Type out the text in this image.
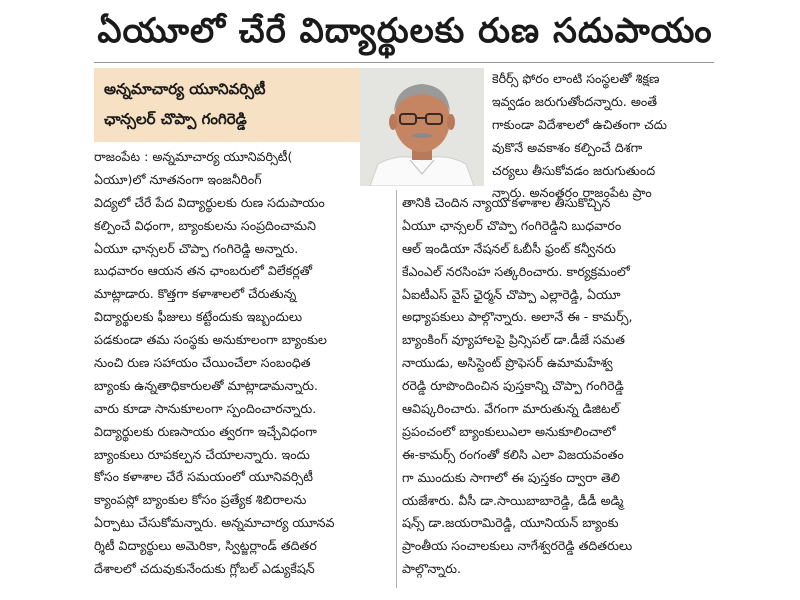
ఏయూలో చేరే విద్యార్థులకు రుణ సదుపాయం
అన్నమాచార్య యూనివర్సిటీ
ఛాన్సలర్ చొప్పా గంగిరెడ్డి
కెరీర్స్ ఫోరం లాంటి సంస్థలతో శిక్షణ
ఇవ్వడం జరుగుతోందన్నారు. అంతే
గాకుండా విదేశాలలో ఉచితంగా చదు
వుకొనే అవకాశం కల్పించే దిశగా
చర్యలు తీసుకోవడం జరుగుతుంద
న్నారు. అనంతరం రాజంపేట ప్రాం
రాజంపేట : అన్నమాచార్య యూనివర్సిటీ(
ఏయూ)లో నూతనంగా ఇంజనీరింగ్
విద్యలో చేరే పేద విద్యార్థులకు రుణ సదుపాయం
కల్పించే విధంగా, బ్యాంకులను సంప్రదించామని
ఏయూ ఛాన్సలర్ చొప్పా గంగిరెడ్డి అన్నారు.
బుధవారం ఆయన తన ఛాంబరులో విలేకర్లతో
మాట్లాడారు. కొత్తగా కళాశాలలో చేరుతున్న
విద్యార్థులకు ఫీజులు కట్టేందుకు ఇబ్బందులు
పడకుండా తమ సంస్థకు అనుకూలంగా బ్యాంకుల
నుంచి రుణ సహాయం చేయించేలా సంబంధిత
బ్యాంకు ఉన్నతాధికారులతో మాట్లాడామన్నారు.
వారు కూడా సానుకూలంగా స్పందించారన్నారు.
విద్యార్థులకు రుణసాయం త్వరగా ఇచ్చేవిధంగా
బ్యాంకులు రూపకల్పన చేయాలన్నారు. ఇందు
కోసం కళాశాల చేరే సమయంలో యూనివర్సిటీ
క్యాంపస్లో బ్యాంకుల కోసం ప్రత్యేక శిబిరాలను
ఏర్పాటు చేసుకోమన్నారు. అన్నమాచార్య యూనవ
ర్శిటీ విద్యార్థులు అమెరికా, స్విట్జర్లాండ్ తదితర
దేశాలలో చదువుకునేందుకు గ్లోబల్ ఎడ్యుకేషన్
తానికి చెందిన న్యాయ కళాశాల తీసుకొచ్చిన
ఏయూ ఛాన్సలర్ చొప్పా గంగిరెడ్డిని బుధవారం
ఆల్ ఇండియా నేషనల్ ఓబీసీ ఫ్రంట్ కన్వీనరు
కేఎంఎల్ నరసింహ సత్కరించారు. కార్యక్రమంలో
ఏఐటీఎస్ వైస్ ఛైర్మన్ చొప్పా ఎల్లారెడ్డి, ఏయూ
అధ్యాపకులు పాల్గొన్నారు. అలానే ఈ - కామర్స్,
బ్యాంకింగ్ వ్యూహాలపై ప్రిన్సిపల్ డా.డీజే సమత
నాయుడు, అసిస్టెంట్ ప్రొఫెసర్ ఉమామహేశ్వ
రరెడ్డి రూపొందించిన పుస్తకాన్ని చొప్పా గంగిరెడ్డి
ఆవిష్కరించారు. వేగంగా మారుతున్న డిజిటల్
ప్రపంచంలో బ్యాంకులుఎలా అనుకూలించాలో
ఈ-కామర్స్ రంగంతో కలిసి ఎలా విజయవంతం
గా ముందుకు సాగాలో ఈ పుస్తకం ద్వారా తెలి
యజేశారు. వీసీ డా.సాయిబాబారెడ్డి, డీడీ అడ్మి
షన్స్ డా.జయరామిరెడ్డి, యూనియన్ బ్యాంకు
ప్రాంతీయ సంచాలకులు నాగేశ్వరరెడ్డి తదితరులు
పాల్గొన్నారు.
